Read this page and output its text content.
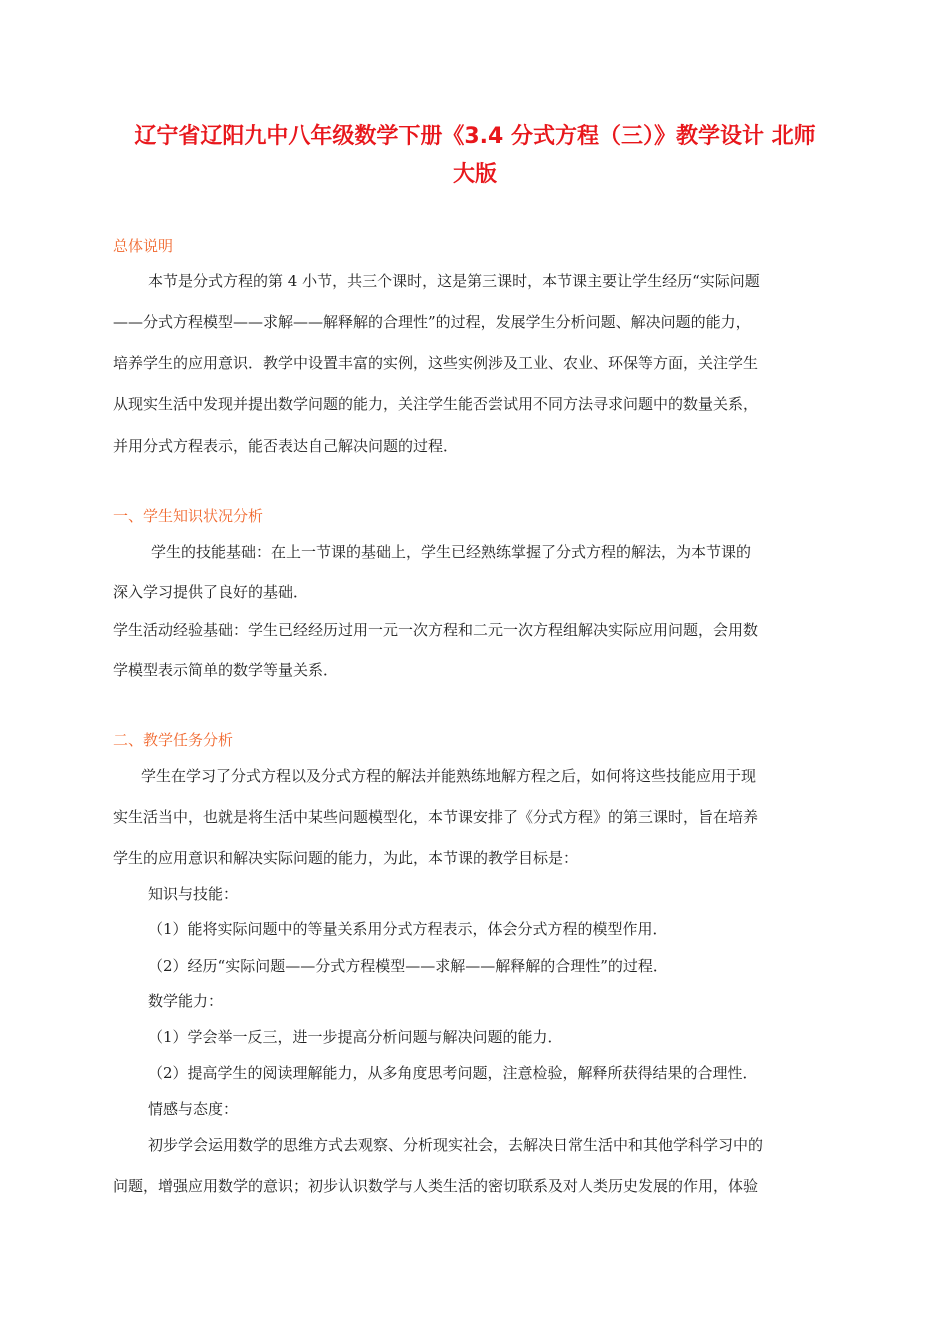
辽宁省辽阳九中八年级数学下册《3.4 分式方程（三）》教学设计 北师
大版

总体说明

本节是分式方程的第 4 小节，共三个课时，这是第三课时，本节课主要让学生经历“实际问题

——分式方程模型——求解——解释解的合理性”的过程，发展学生分析问题、解决问题的能力，

培养学生的应用意识．教学中设置丰富的实例，这些实例涉及工业、农业、环保等方面，关注学生

从现实生活中发现并提出数学问题的能力，关注学生能否尝试用不同方法寻求问题中的数量关系，

并用分式方程表示，能否表达自己解决问题的过程．

一、学生知识状况分析

学生的技能基础：在上一节课的基础上，学生已经熟练掌握了分式方程的解法，为本节课的

深入学习提供了良好的基础．

学生活动经验基础：学生已经经历过用一元一次方程和二元一次方程组解决实际应用问题，会用数

学模型表示简单的数学等量关系．

二、教学任务分析

学生在学习了分式方程以及分式方程的解法并能熟练地解方程之后，如何将这些技能应用于现

实生活当中，也就是将生活中某些问题模型化，本节课安排了《分式方程》的第三课时，旨在培养

学生的应用意识和解决实际问题的能力，为此，本节课的教学目标是：

知识与技能：

（1）能将实际问题中的等量关系用分式方程表示，体会分式方程的模型作用．

（2）经历“实际问题——分式方程模型——求解——解释解的合理性”的过程．

数学能力：

（1）学会举一反三，进一步提高分析问题与解决问题的能力．

（2）提高学生的阅读理解能力，从多角度思考问题，注意检验，解释所获得结果的合理性．

情感与态度：

初步学会运用数学的思维方式去观察、分析现实社会，去解决日常生活中和其他学科学习中的

问题，增强应用数学的意识；初步认识数学与人类生活的密切联系及对人类历史发展的作用，体验
